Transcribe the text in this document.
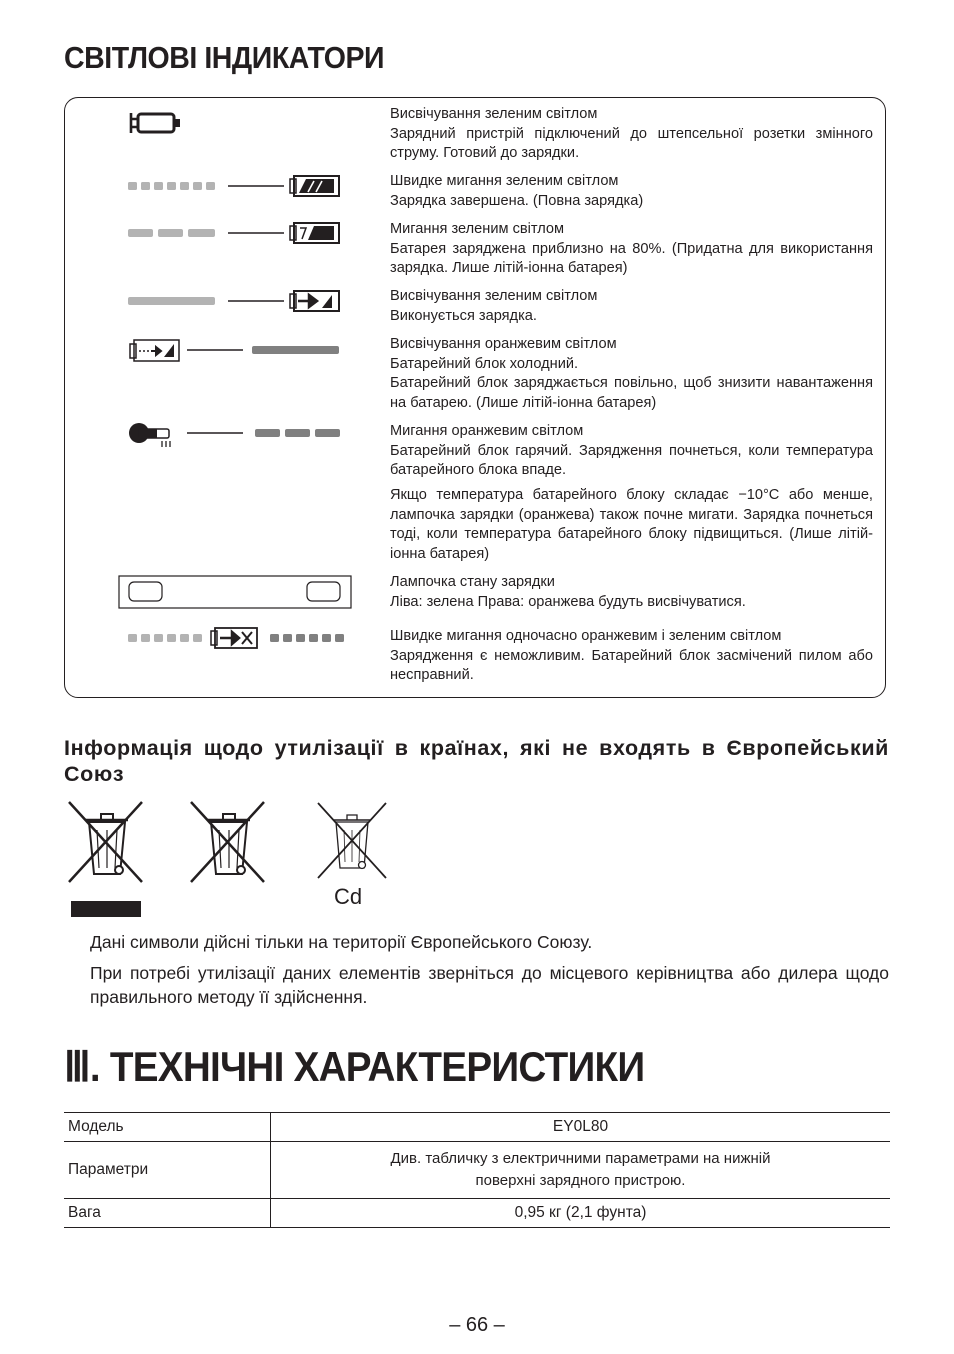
СВІТЛОВІ ІНДИКАТОРИ
Висвічування зеленим світлом
Зарядний пристрій підключений до штепсельної розетки змінного струму. Готовий до зарядки.
Швидке мигання зеленим світлом
Зарядка завершена. (Повна зарядка)
Мигання зеленим світлом
Батарея заряджена приблизно на 80%. (Придатна для використання зарядка. Лише літій-іонна батарея)
Висвічування зеленим світлом
Виконується зарядка.
Висвічування оранжевим світлом
Батарейний блок холодний.
Батарейний блок заряджається повільно, щоб знизити навантаження на батарею. (Лише літій-іонна батарея)
Мигання оранжевим світлом
Батарейний блок гарячий. Зарядження почнеться, коли температура батарейного блока впаде.
Якщо температура батарейного блоку складає −10°C або менше, лампочка зарядки (оранжева) також почне мигати. Зарядка почнеться тоді, коли температура батарейного блоку підвищиться. (Лише літій-іонна батарея)
Лампочка стану зарядки
Ліва: зелена Права: оранжева будуть висвічуватися.
Швидке мигання одночасно оранжевим і зеленим світлом
Зарядження є неможливим. Батарейний блок засмічений пилом або несправний.
Інформація щодо утилізації в країнах, які не входять в Європейський Союз
Cd
Дані символи дійсні тільки на території Європейського Союзу.
При потребі утилізації даних елементів зверніться до місцевого керівництва або дилера щодо правильного методу її здійснення.
Ⅲ. ТЕХНІЧНІ ХАРАКТЕРИСТИКИ
Модель	EY0L80
Параметри	Див. табличку з електричними параметрами на нижній поверхні зарядного пристрою.

Вага	0,95 кг (2,1 фунта)
– 66 –
